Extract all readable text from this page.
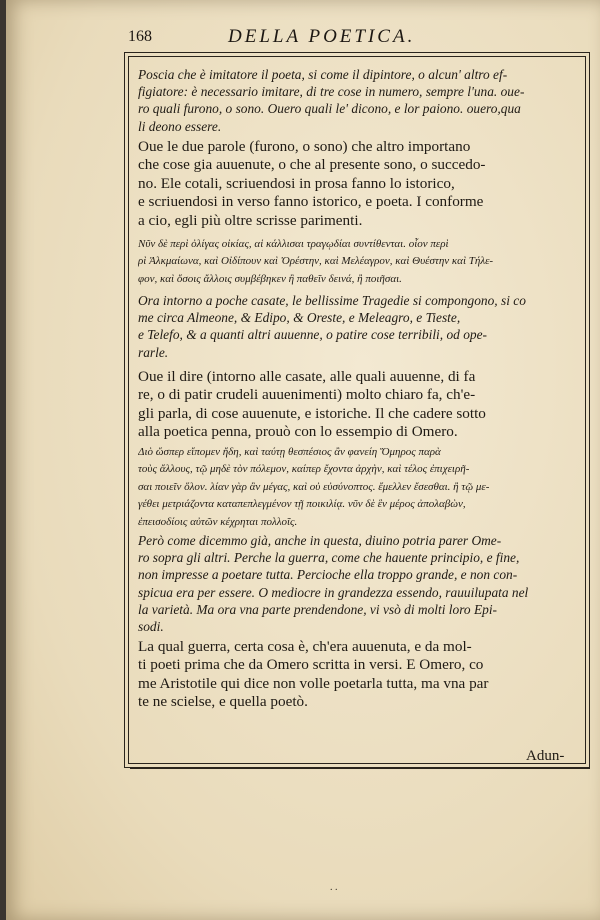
168	DELLA POETICA.
Poscia che è imitatore il poeta, si come il dipintore, o alcun' altro ef-
figiatore: è necessario imitare, di tre cose in numero, sempre l'una. oue-
ro quali furono, o sono. Ouero quali le' dicono, e lor paiono. ouero,qua
li deono essere.
Oue le due parole (furono, o sono) che altro importano
che cose gia auuenute, o che al presente sono, o succedo-
no. Ele cotali, scriuendosi in prosa fanno lo istorico,
e scriuendosi in verso fanno istorico, e poeta. I conforme
a cio, egli più oltre scrisse parimenti.
Νῦν δὲ περὶ ὀλίγας οἰκίας, αἱ κάλλισαι τραγῳδίαι συντίθενται. οἷον περὶ
ρὶ Ἀλκμαίωνα, καὶ Οἰδίπουν καὶ Ὀρέστην, καὶ Μελέαγρον, καὶ Θυέστην καὶ Τήλε-
φον, καὶ ὅσοις ἄλλοις συμβέβηκεν ἢ παθεῖν δεινά, ἢ ποιῆσαι.
Ora intorno a poche casate, le bellissime Tragedie si compongono, si co
me circa Almeone, & Edipo, & Oreste, e Meleagro, e Tieste,
e Telefo, & a quanti altri auuenne, o patire cose terribili, od ope-
rarle.
Oue il dire (intorno alle casate, alle quali auuenne, di fa
re, o di patir crudeli auuenimenti) molto chiaro fa, ch'e-
gli parla, di cose auuenute, e istoriche. Il che cadere sotto
alla poetica penna, prouò con lo essempio di Omero.
Διὸ ὥσπερ εἴπομεν ἤδη, καὶ ταύτῃ θεσπέσιος ἂν φανείη Ὅμηρος παρὰ
τοὺς ἄλλους, τῷ μηδὲ τὸν πόλεμον, καίπερ ἔχοντα ἀρχὴν, καὶ τέλος ἐπιχειρῆ-
σαι ποιεῖν ὅλον. λίαν γὰρ ἂν μέγας, καὶ οὐ εὐσύνοπτος. ἔμελλεν ἔσεσθαι. ἢ τῷ με-
γέθει μετριάζοντα καταπεπλεγμένον τῇ ποικιλίᾳ. νῦν δὲ ἓν μέρος ἀπολαβὼν,
ἐπεισοδίοις αὐτῶν κέχρηται πολλοῖς.
Però come dicemmo già, anche in questa, diuino potria parer Ome-
ro sopra gli altri. Perche la guerra, come che hauente principio, e fine,
non impresse a poetare tutta. Percioche ella troppo grande, e non con-
spicua era per essere. O mediocre in grandezza essendo, rauuilupata nel
la varietà. Ma ora vna parte prendendone, vi vsò di molti loro Epi-
sodi.
La qual guerra, certa cosa è, ch'era auuenuta, e da mol-
ti poeti prima che da Omero scritta in versi. E Omero, co
me Aristotile qui dice non volle poetarla tutta, ma vna par
te ne scielse, e quella poetò.
Adun-
. .
